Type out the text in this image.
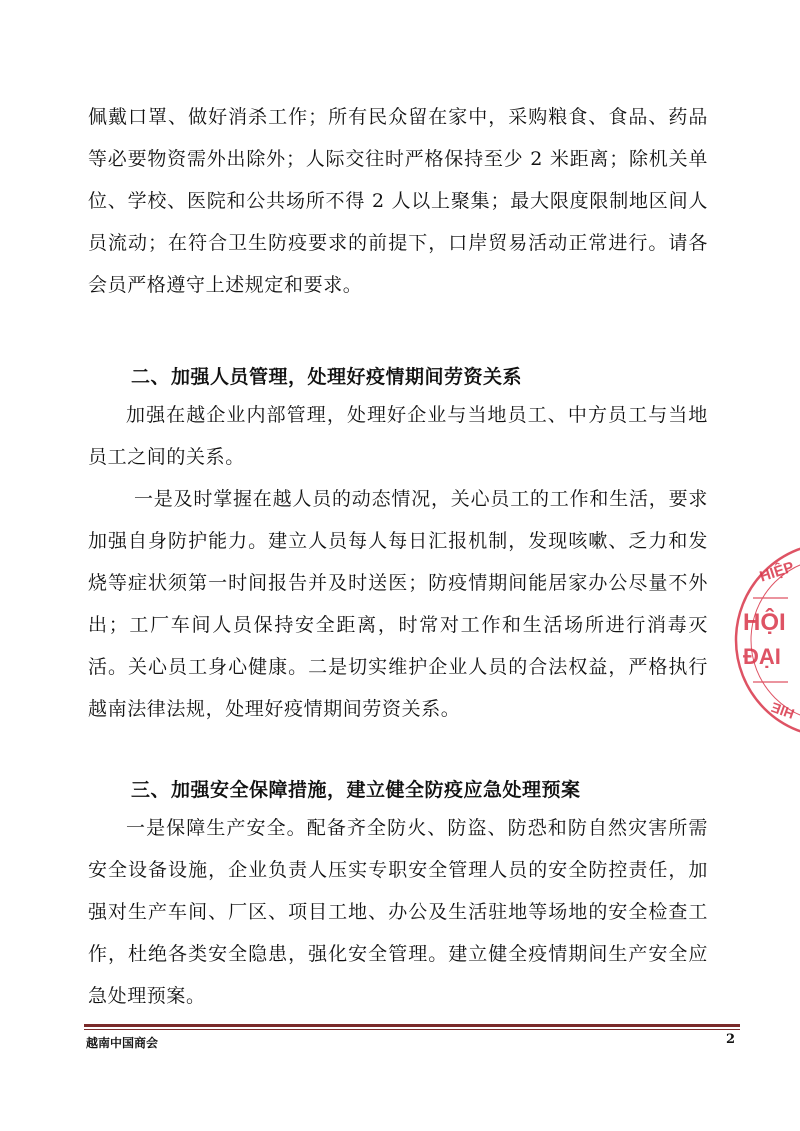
佩戴口罩、做好消杀工作；所有民众留在家中，采购粮食、食品、药品等必要物资需外出除外；人际交往时严格保持至少 2 米距离；除机关单位、学校、医院和公共场所不得 2 人以上聚集；最大限度限制地区间人员流动；在符合卫生防疫要求的前提下，口岸贸易活动正常进行。请各会员严格遵守上述规定和要求。

二、加强人员管理，处理好疫情期间劳资关系

加强在越企业内部管理，处理好企业与当地员工、中方员工与当地员工之间的关系。

一是及时掌握在越人员的动态情况，关心员工的工作和生活，要求加强自身防护能力。建立人员每人每日汇报机制，发现咳嗽、乏力和发烧等症状须第一时间报告并及时送医；防疫情期间能居家办公尽量不外出；工厂车间人员保持安全距离，时常对工作和生活场所进行消毒灭活。关心员工身心健康。二是切实维护企业人员的合法权益，严格执行越南法律法规，处理好疫情期间劳资关系。

三、加强安全保障措施，建立健全防疫应急处理预案

一是保障生产安全。配备齐全防火、防盗、防恐和防自然灾害所需安全设备设施，企业负责人压实专职安全管理人员的安全防控责任，加强对生产车间、厂区、项目工地、办公及生活驻地等场地的安全检查工作，杜绝各类安全隐患，强化安全管理。建立健全疫情期间生产安全应急处理预案。

越南中国商会	2
HIỆP
HỘI
ĐẠI
HIE
